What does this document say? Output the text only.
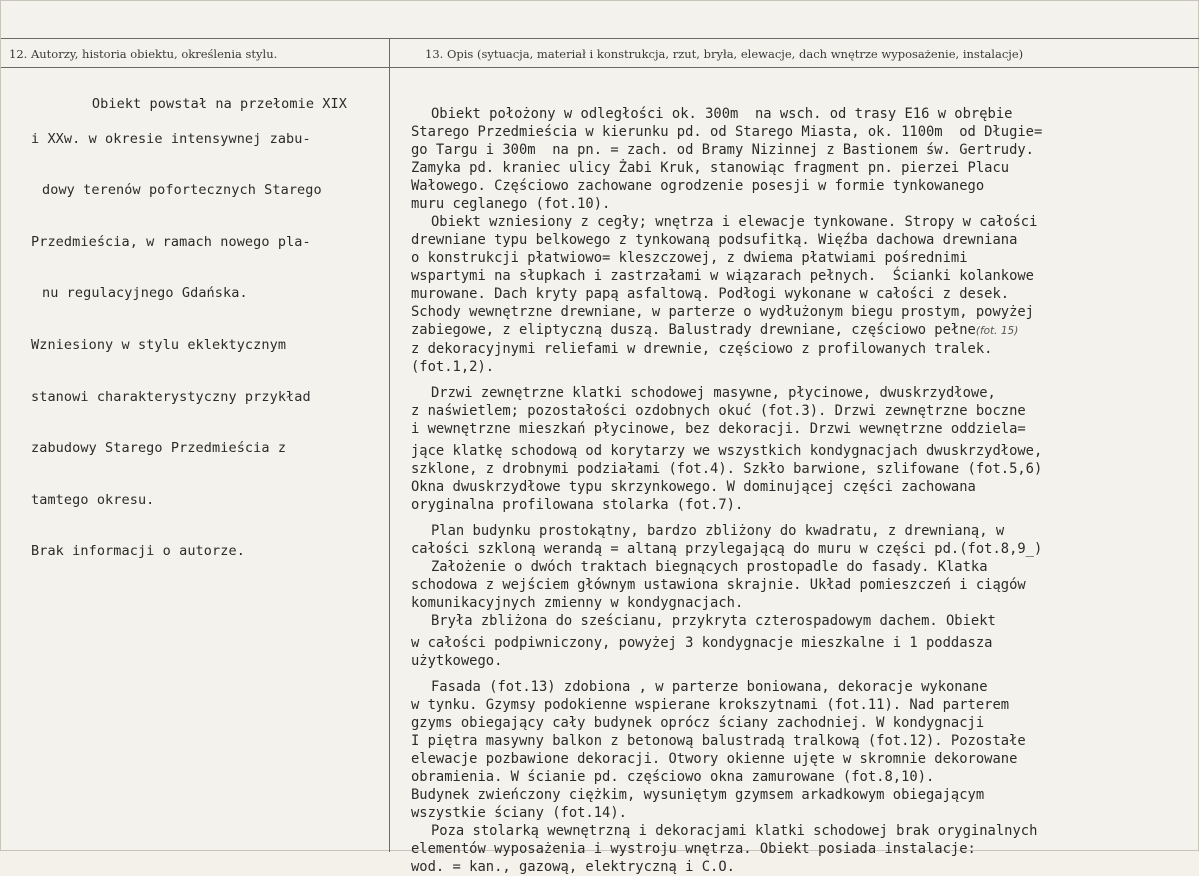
12. Autorzy, historia obiektu, określenia stylu.	13. Opis (sytuacja, materiał i konstrukcja, rzut, bryła, elewacje, dach wnętrze wyposażenie, instalacje)

Obiekt powstał na przełomie XIX

i XXw. w okresie intensywnej zabu-

dowy terenów pofortecznych Starego

Przedmieścia, w ramach nowego pla-

nu regulacyjnego Gdańska.

Wzniesiony w stylu eklektycznym

stanowi charakterystyczny przykład

zabudowy Starego Przedmieścia z

tamtego okresu.

Brak informacji o autorze.

Obiekt położony w odległości ok. 300m  na wsch. od trasy E16 w obrębie
Starego Przedmieścia w kierunku pd. od Starego Miasta, ok. 1100m  od Długie=
go Targu i 300m  na pn. = zach. od Bramy Nizinnej z Bastionem św. Gertrudy.
Zamyka pd. kraniec ulicy Żabi Kruk, stanowiąc fragment pn. pierzei Placu
Wałowego. Częściowo zachowane ogrodzenie posesji w formie tynkowanego
muru ceglanego (fot.10).
Obiekt wzniesiony z cegły; wnętrza i elewacje tynkowane. Stropy w całości
drewniane typu belkowego z tynkowaną podsufitką. Więźba dachowa drewniana
o konstrukcji płatwiowo= kleszczowej, z dwiema płatwiami pośrednimi
wspartymi na słupkach i zastrzałami w wiązarach pełnych.  Ścianki kolankowe
murowane. Dach kryty papą asfaltową. Podłogi wykonane w całości z desek.
Schody wewnętrzne drewniane, w parterze o wydłużonym biegu prostym, powyżej
zabiegowe, z eliptyczną duszą. Balustrady drewniane, częściowo pełne(fot. 15)
z dekoracyjnymi reliefami w drewnie, częściowo z profilowanych tralek.
(fot.1,2).
Drzwi zewnętrzne klatki schodowej masywne, płycinowe, dwuskrzydłowe,
z naświetlem; pozostałości ozdobnych okuć (fot.3). Drzwi zewnętrzne boczne
i wewnętrzne mieszkań płycinowe, bez dekoracji. Drzwi wewnętrzne oddziela=
jące klatkę schodową od korytarzy we wszystkich kondygnacjach dwuskrzydłowe,
szklone, z drobnymi podziałami (fot.4). Szkło barwione, szlifowane (fot.5,6)
Okna dwuskrzydłowe typu skrzynkowego. W dominującej części zachowana
oryginalna profilowana stolarka (fot.7).
Plan budynku prostokątny, bardzo zbliżony do kwadratu, z drewnianą, w
całości szkloną werandą = altaną przylegającą do muru w części pd.(fot.8,9_)
Założenie o dwóch traktach biegnących prostopadle do fasady. Klatka
schodowa z wejściem głównym ustawiona skrajnie. Układ pomieszczeń i ciągów
komunikacyjnych zmienny w kondygnacjach.
Bryła zbliżona do sześcianu, przykryta czterospadowym dachem. Obiekt
w całości podpiwniczony, powyżej 3 kondygnacje mieszkalne i 1 poddasza
użytkowego.
Fasada (fot.13) zdobiona , w parterze boniowana, dekoracje wykonane
w tynku. Gzymsy podokienne wspierane krokszytnami (fot.11). Nad parterem
gzyms obiegający cały budynek oprócz ściany zachodniej. W kondygnacji
I piętra masywny balkon z betonową balustradą tralkową (fot.12). Pozostałe
elewacje pozbawione dekoracji. Otwory okienne ujęte w skromnie dekorowane
obramienia. W ścianie pd. częściowo okna zamurowane (fot.8,10).
Budynek zwieńczony ciężkim, wysuniętym gzymsem arkadkowym obiegającym
wszystkie ściany (fot.14).
Poza stolarką wewnętrzną i dekoracjami klatki schodowej brak oryginalnych
elementów wyposażenia i wystroju wnętrza. Obiekt posiada instalacje:
wod. = kan., gazową, elektryczną i C.O.
